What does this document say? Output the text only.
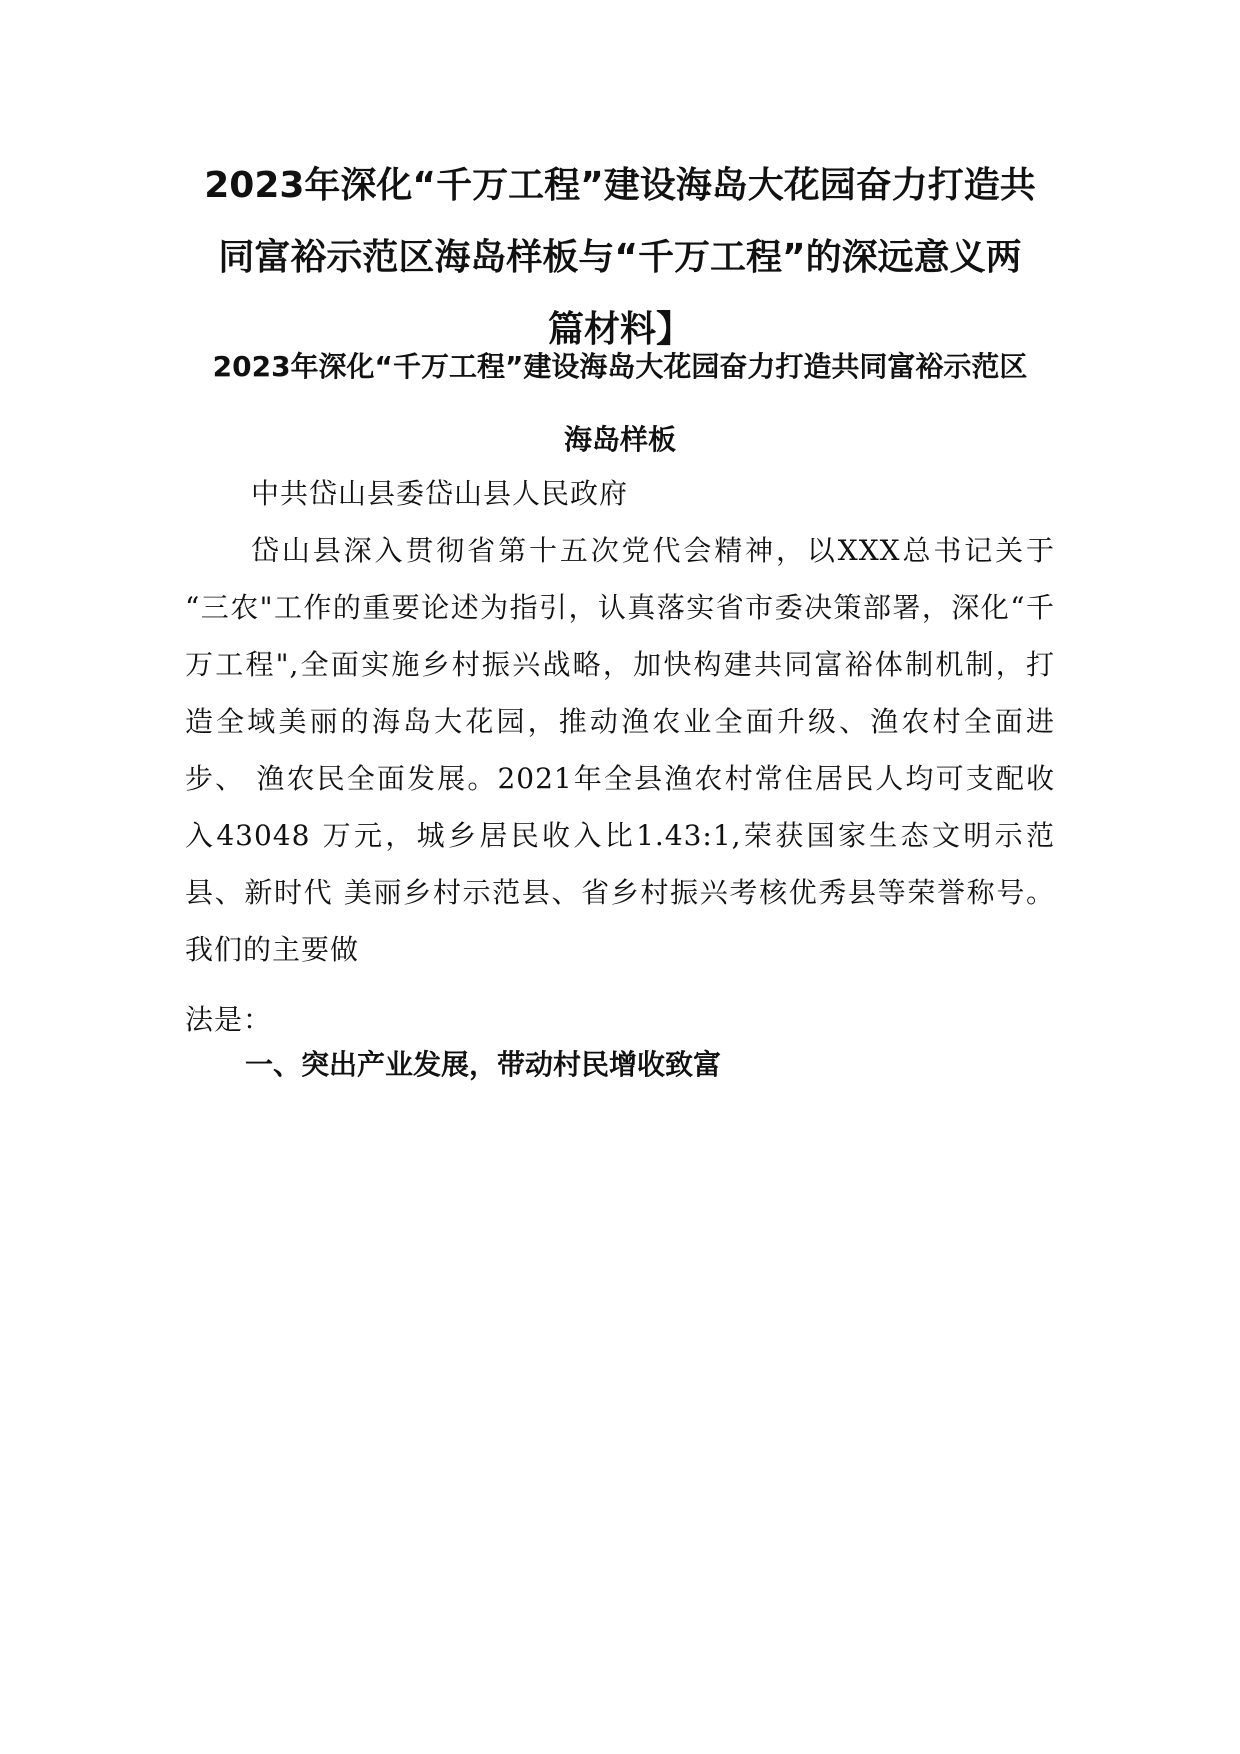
2023年深化“千万工程”建设海岛大花园奋力打造共
同富裕示范区海岛样板与“千万工程”的深远意义两
篇材料】
2023年深化“千万工程”建设海岛大花园奋力打造共同富裕示范区
海岛样板

中共岱山县委岱山县人民政府

岱山县深入贯彻省第十五次党代会精神，以XXX总书记关于

“三农"工作的重要论述为指引，认真落实省市委决策部署，深化“千

万工程",全面实施乡村振兴战略，加快构建共同富裕体制机制，打

造全域美丽的海岛大花园，推动渔农业全面升级、渔农村全面进

步、 渔农民全面发展。2021年全县渔农村常住居民人均可支配收

入43048 万元，城乡居民收入比1.43:1,荣获国家生态文明示范

县、新时代 美丽乡村示范县、省乡村振兴考核优秀县等荣誉称号。

我们的主要做

法是：

一、突出产业发展，带动村民增收致富
